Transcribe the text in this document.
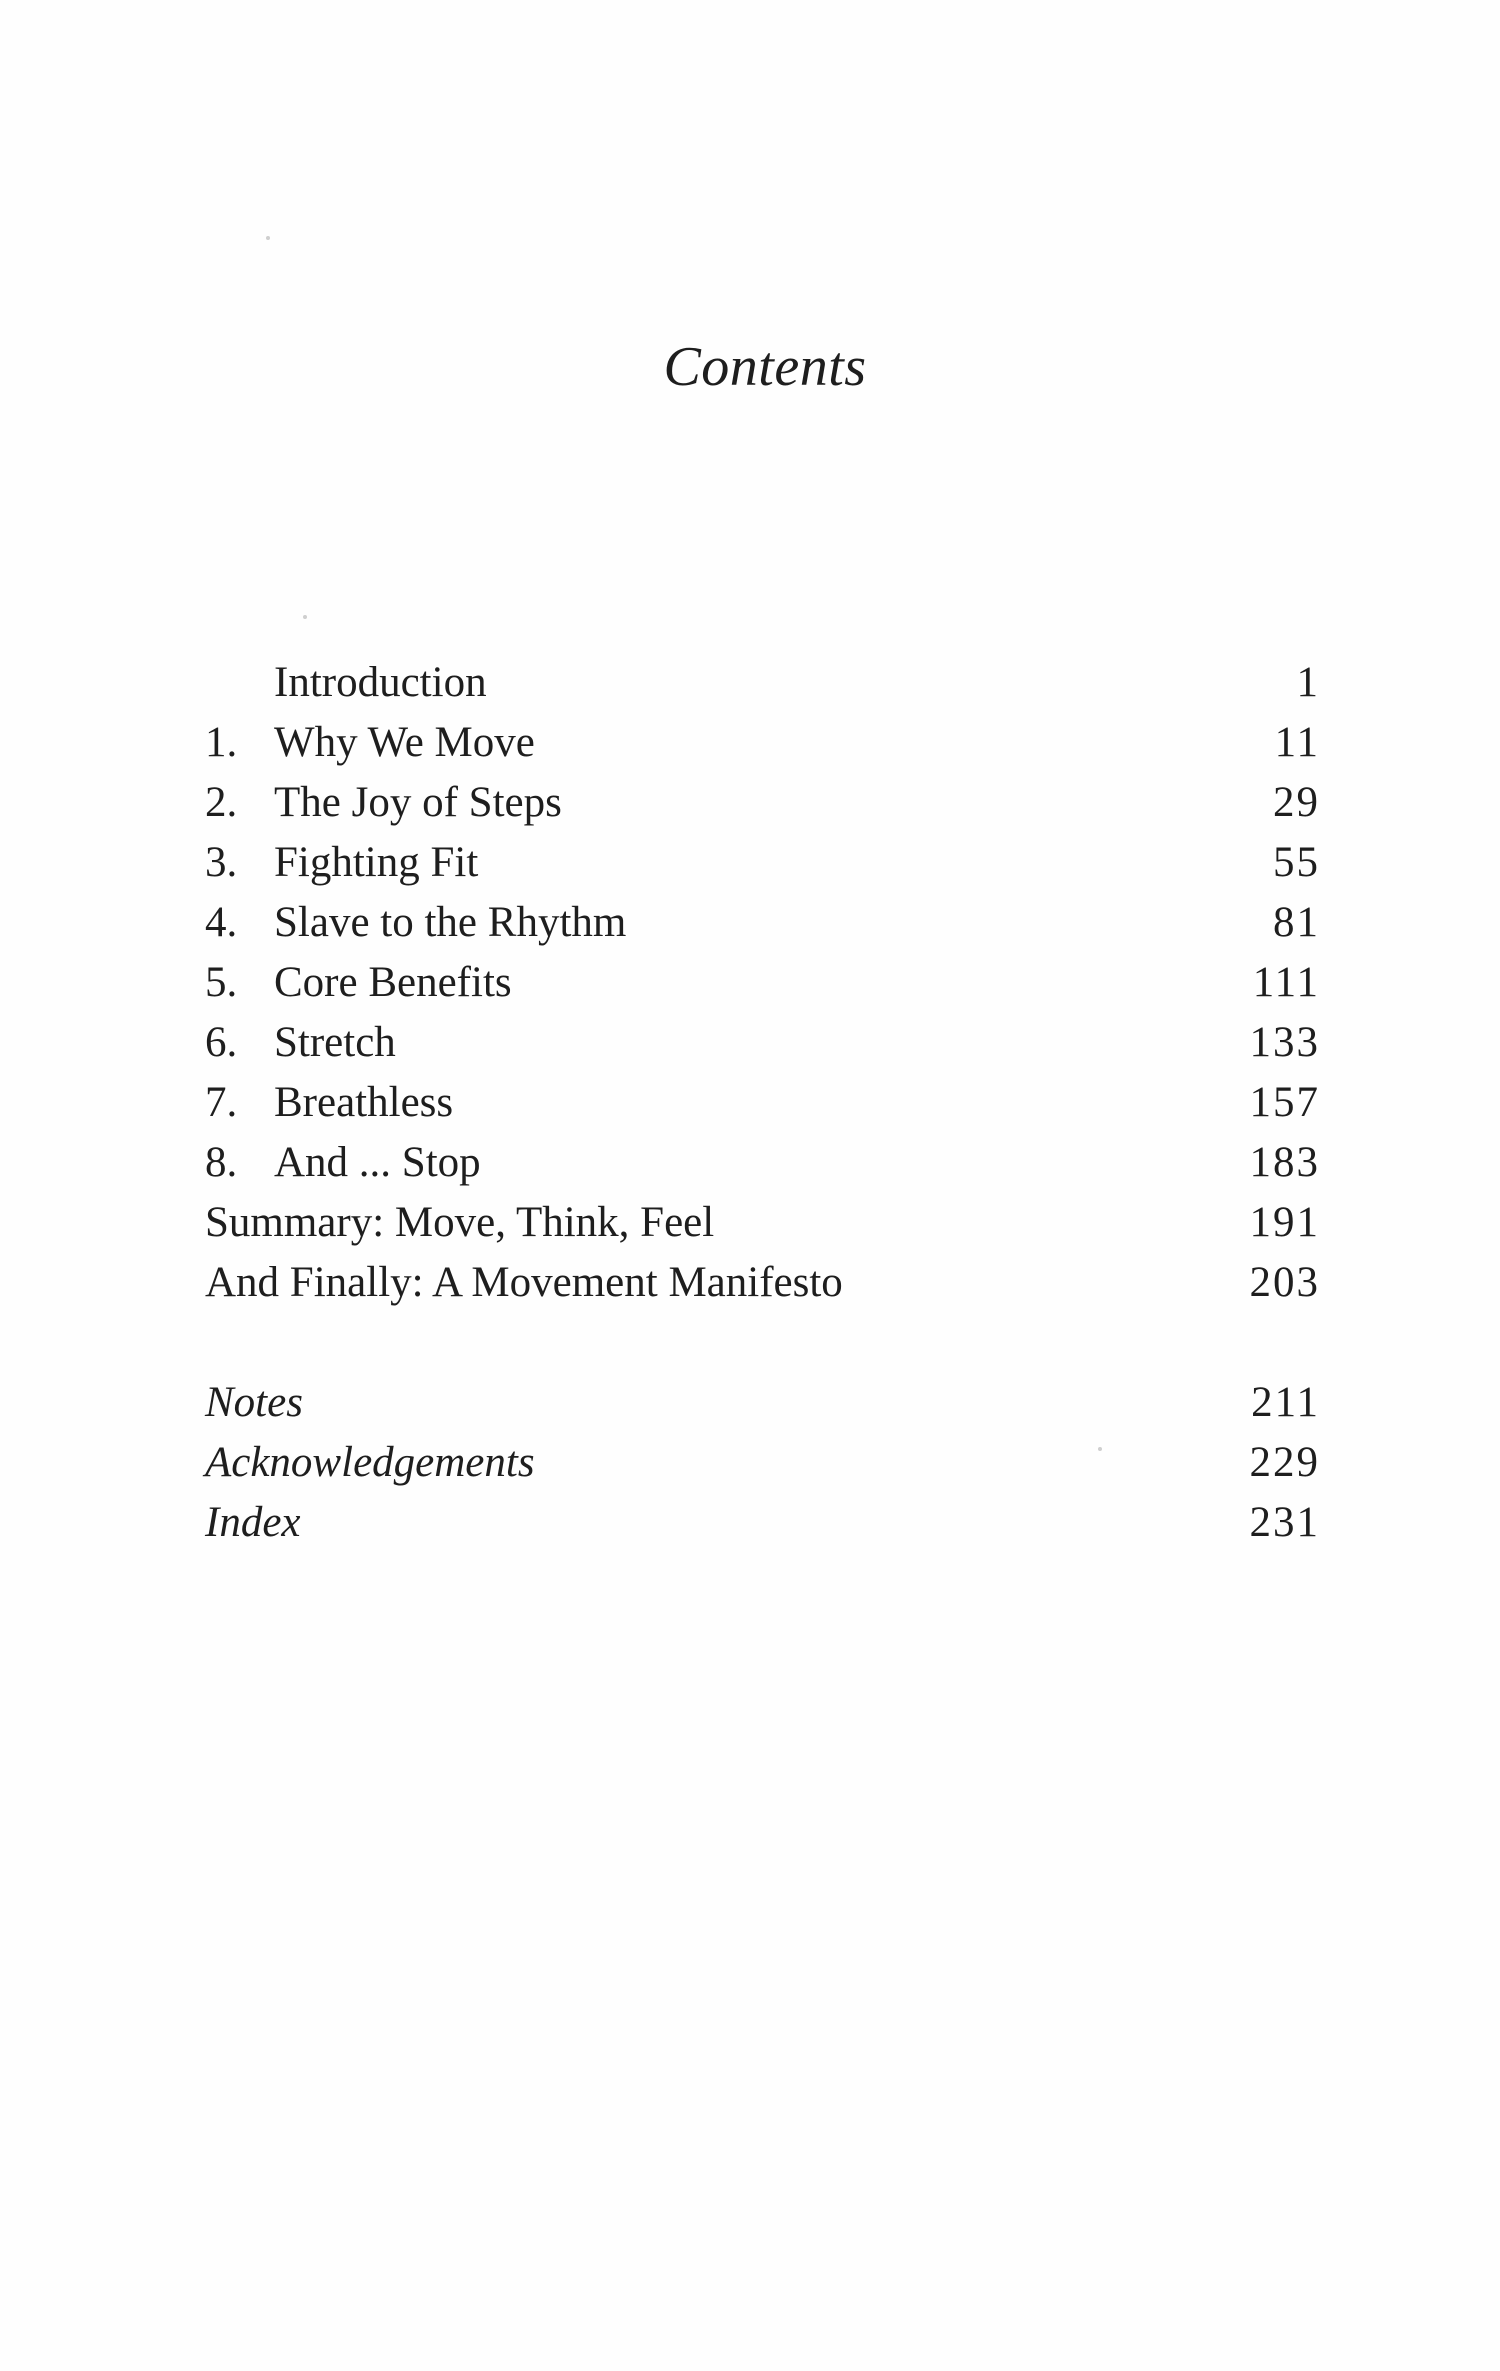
Contents
Introduction	1
1. Why We Move	11
2. The Joy of Steps	29
3. Fighting Fit	55
4. Slave to the Rhythm	81
5. Core Benefits	111
6. Stretch	133
7. Breathless	157
8. And ... Stop	183
Summary: Move, Think, Feel	191
And Finally: A Movement Manifesto	203
Notes	211
Acknowledgements	229
Index	231
